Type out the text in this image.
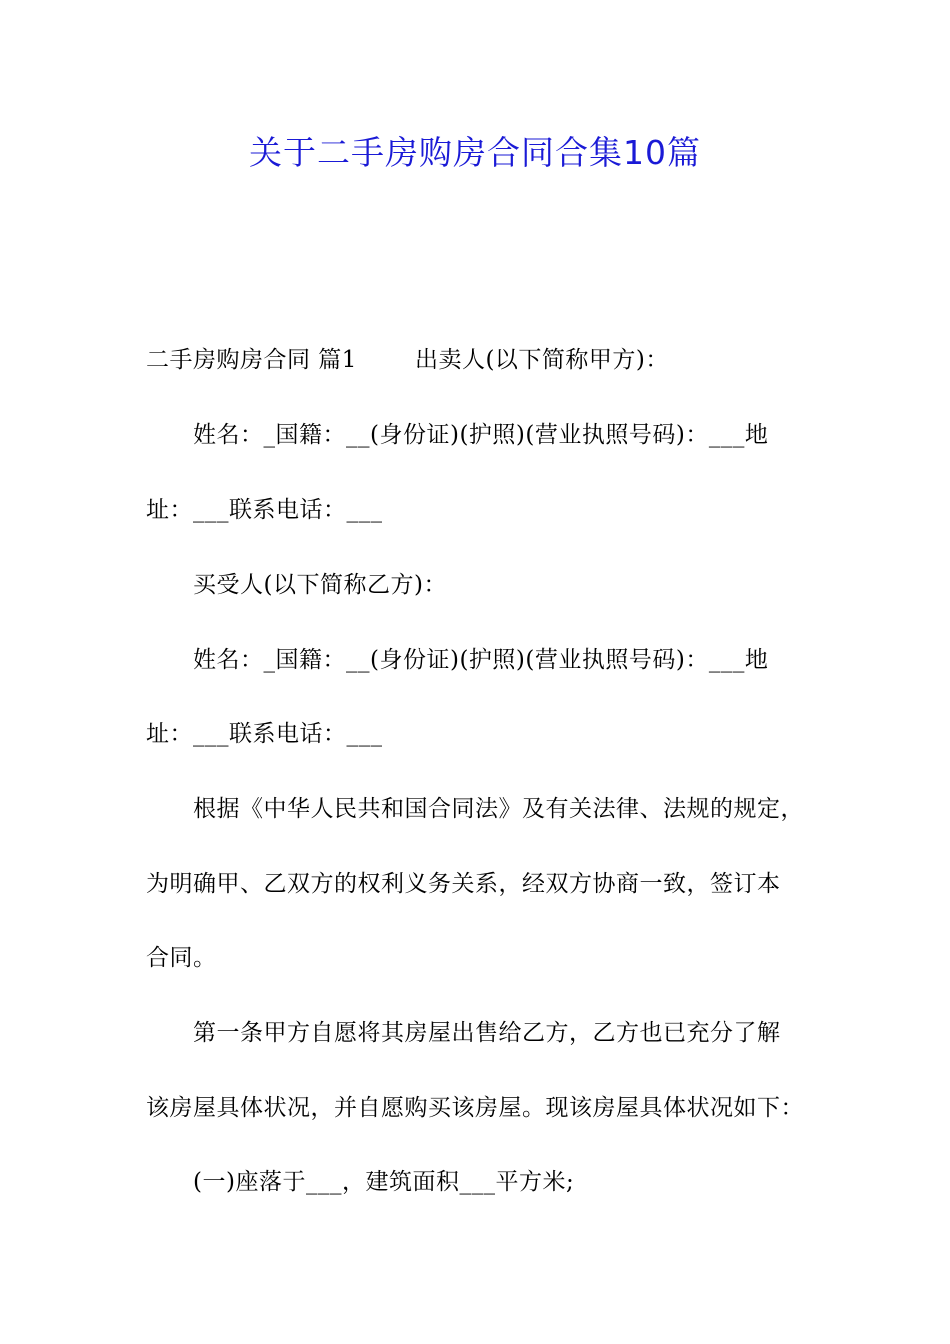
关于二手房购房合同合集10篇
二手房购房合同 篇1	出卖人(以下简称甲方)：
姓名：_国籍：__(身份证)(护照)(营业执照号码)：___地
址：___联系电话：___
买受人(以下简称乙方)：
姓名：_国籍：__(身份证)(护照)(营业执照号码)：___地
址：___联系电话：___
根据《中华人民共和国合同法》及有关法律、法规的规定，
为明确甲、乙双方的权利义务关系，经双方协商一致，签订本
合同。
第一条甲方自愿将其房屋出售给乙方，乙方也已充分了解
该房屋具体状况，并自愿购买该房屋。现该房屋具体状况如下：
(一)座落于___，建筑面积___平方米;
